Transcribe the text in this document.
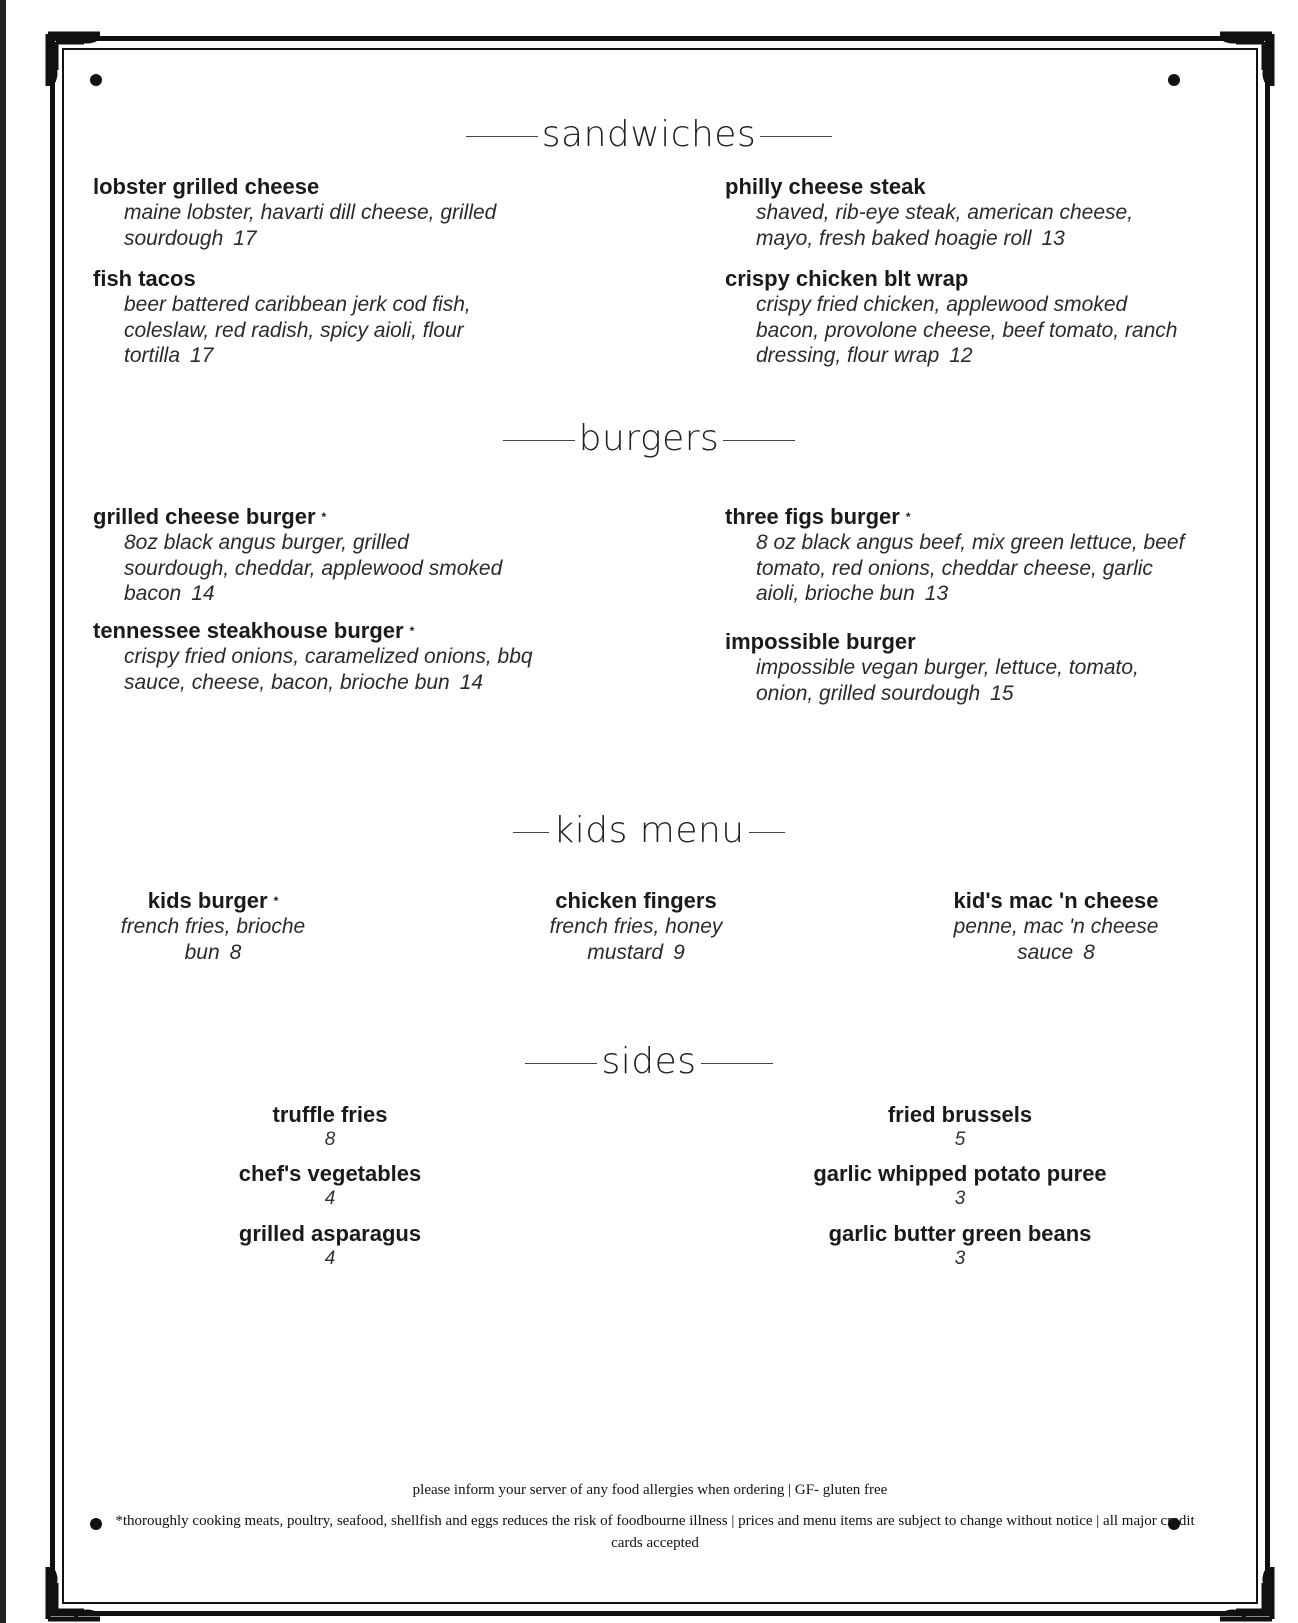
sandwiches
lobster grilled cheese
maine lobster, havarti dill cheese, grilled sourdough 17
philly cheese steak
shaved, rib-eye steak, american cheese, mayo, fresh baked hoagie roll 13
fish tacos
beer battered caribbean jerk cod fish, coleslaw, red radish, spicy aioli, flour tortilla 17
crispy chicken blt wrap
crispy fried chicken, applewood smoked bacon, provolone cheese, beef tomato, ranch dressing, flour wrap 12
burgers
grilled cheese burger *
8oz black angus burger, grilled sourdough, cheddar, applewood smoked bacon 14
three figs burger *
8 oz black angus beef, mix green lettuce, beef tomato, red onions, cheddar cheese, garlic aioli, brioche bun 13
tennessee steakhouse burger *
crispy fried onions, caramelized onions, bbq sauce, cheese, bacon, brioche bun 14
impossible burger
impossible vegan burger, lettuce, tomato, onion, grilled sourdough 15
kids menu
kids burger *
french fries, brioche bun 8
chicken fingers
french fries, honey mustard 9
kid's mac 'n cheese
penne, mac 'n cheese sauce 8
sides
truffle fries
8
fried brussels
5
chef's vegetables
4
garlic whipped potato puree
3
grilled asparagus
4
garlic butter green beans
3
please inform your server of any food allergies when ordering | GF- gluten free
*thoroughly cooking meats, poultry, seafood, shellfish and eggs reduces the risk of foodbourne illness | prices and menu items are subject to change without notice | all major credit cards accepted
